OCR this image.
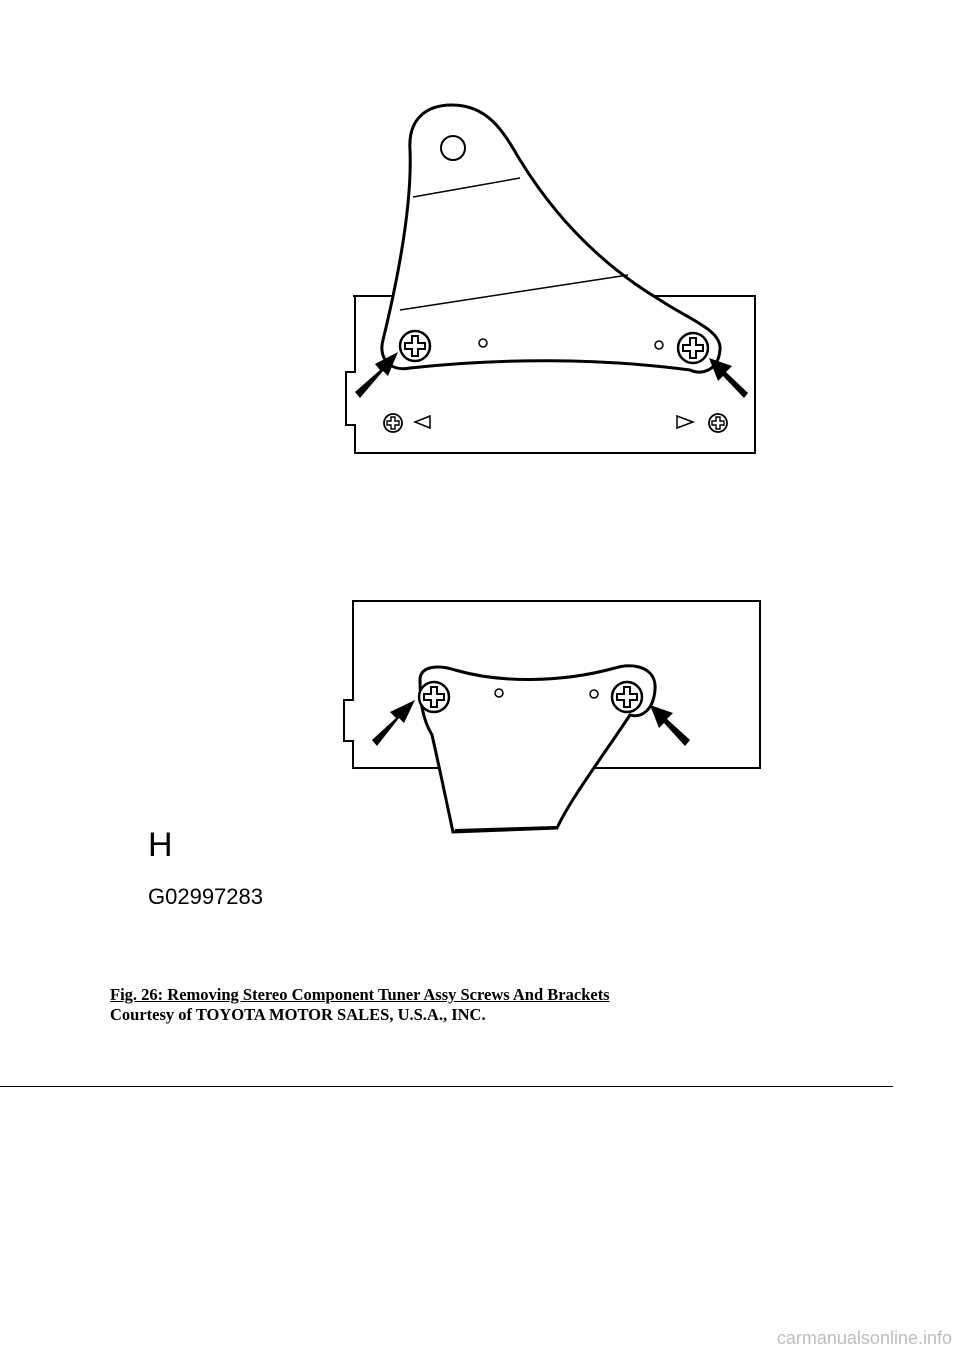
H
G02997283
Fig. 26: Removing Stereo Component Tuner Assy Screws And Brackets
Courtesy of TOYOTA MOTOR SALES, U.S.A., INC.
carmanualsonline.info
